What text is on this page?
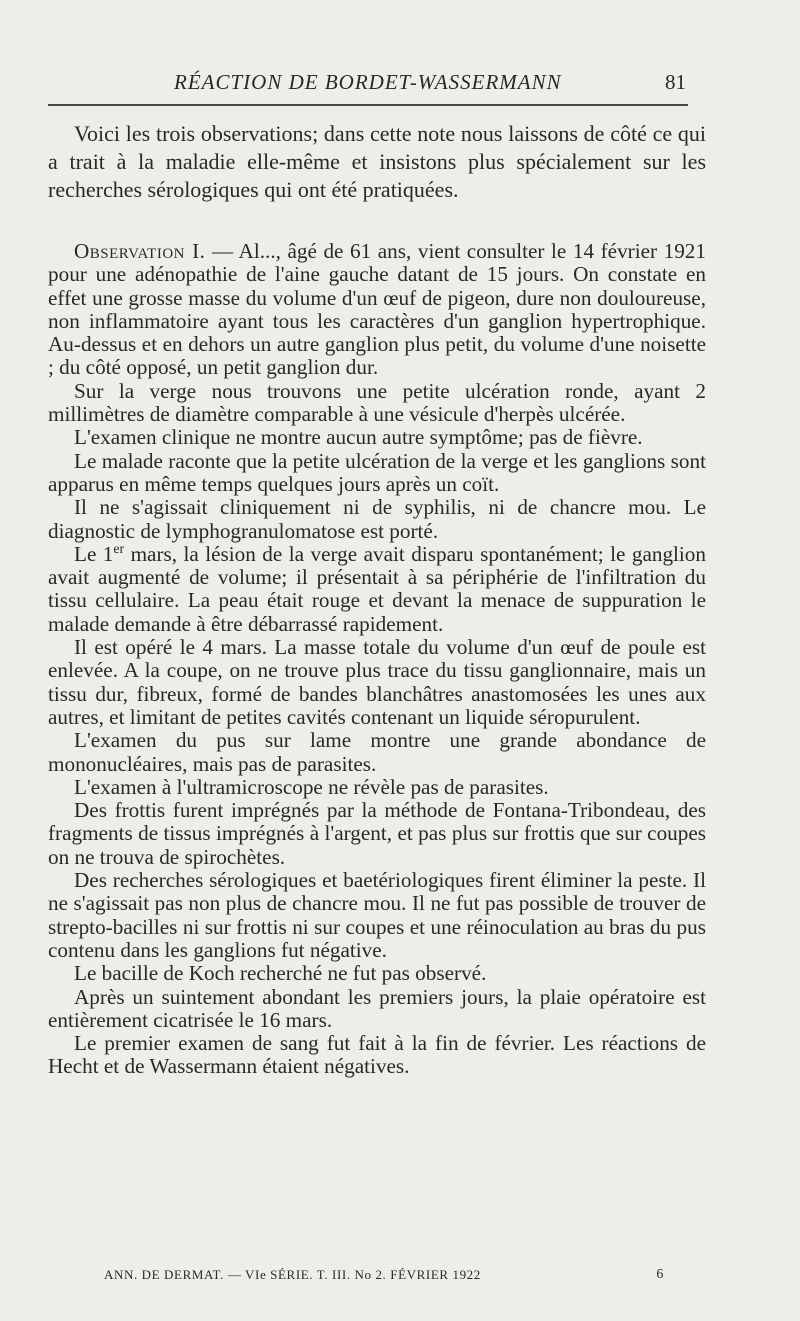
RÉACTION DE BORDET-WASSERMANN	81

Voici les trois observations; dans cette note nous laissons de côté ce qui a trait à la maladie elle-même et insistons plus spécialement sur les recherches sérologiques qui ont été pratiquées.

Observation I. — Al..., âgé de 61 ans, vient consulter le 14 février 1921 pour une adénopathie de l'aine gauche datant de 15 jours. On constate en effet une grosse masse du volume d'un œuf de pigeon, dure non douloureuse, non inflammatoire ayant tous les caractères d'un ganglion hypertrophique. Au-dessus et en dehors un autre ganglion plus petit, du volume d'une noisette ; du côté opposé, un petit ganglion dur.

Sur la verge nous trouvons une petite ulcération ronde, ayant 2 millimètres de diamètre comparable à une vésicule d'herpès ulcérée.

L'examen clinique ne montre aucun autre symptôme; pas de fièvre.

Le malade raconte que la petite ulcération de la verge et les ganglions sont apparus en même temps quelques jours après un coït.

Il ne s'agissait cliniquement ni de syphilis, ni de chancre mou. Le diagnostic de lymphogranulomatose est porté.

Le 1er mars, la lésion de la verge avait disparu spontanément; le ganglion avait augmenté de volume; il présentait à sa périphérie de l'infiltration du tissu cellulaire. La peau était rouge et devant la menace de suppuration le malade demande à être débarrassé rapidement.

Il est opéré le 4 mars. La masse totale du volume d'un œuf de poule est enlevée. A la coupe, on ne trouve plus trace du tissu ganglionnaire, mais un tissu dur, fibreux, formé de bandes blanchâtres anastomosées les unes aux autres, et limitant de petites cavités contenant un liquide séropurulent.

L'examen du pus sur lame montre une grande abondance de mononucléaires, mais pas de parasites.

L'examen à l'ultramicroscope ne révèle pas de parasites.

Des frottis furent imprégnés par la méthode de Fontana-Tribondeau, des fragments de tissus imprégnés à l'argent, et pas plus sur frottis que sur coupes on ne trouva de spirochètes.

Des recherches sérologiques et baetériologiques firent éliminer la peste. Il ne s'agissait pas non plus de chancre mou. Il ne fut pas possible de trouver de strepto-bacilles ni sur frottis ni sur coupes et une réinoculation au bras du pus contenu dans les ganglions fut négative.

Le bacille de Koch recherché ne fut pas observé.

Après un suintement abondant les premiers jours, la plaie opératoire est entièrement cicatrisée le 16 mars.

Le premier examen de sang fut fait à la fin de février. Les réactions de Hecht et de Wassermann étaient négatives.

ANN. DE DERMAT. — VIe SÉRIE. T. III. No 2. FÉVRIER 1922	6
